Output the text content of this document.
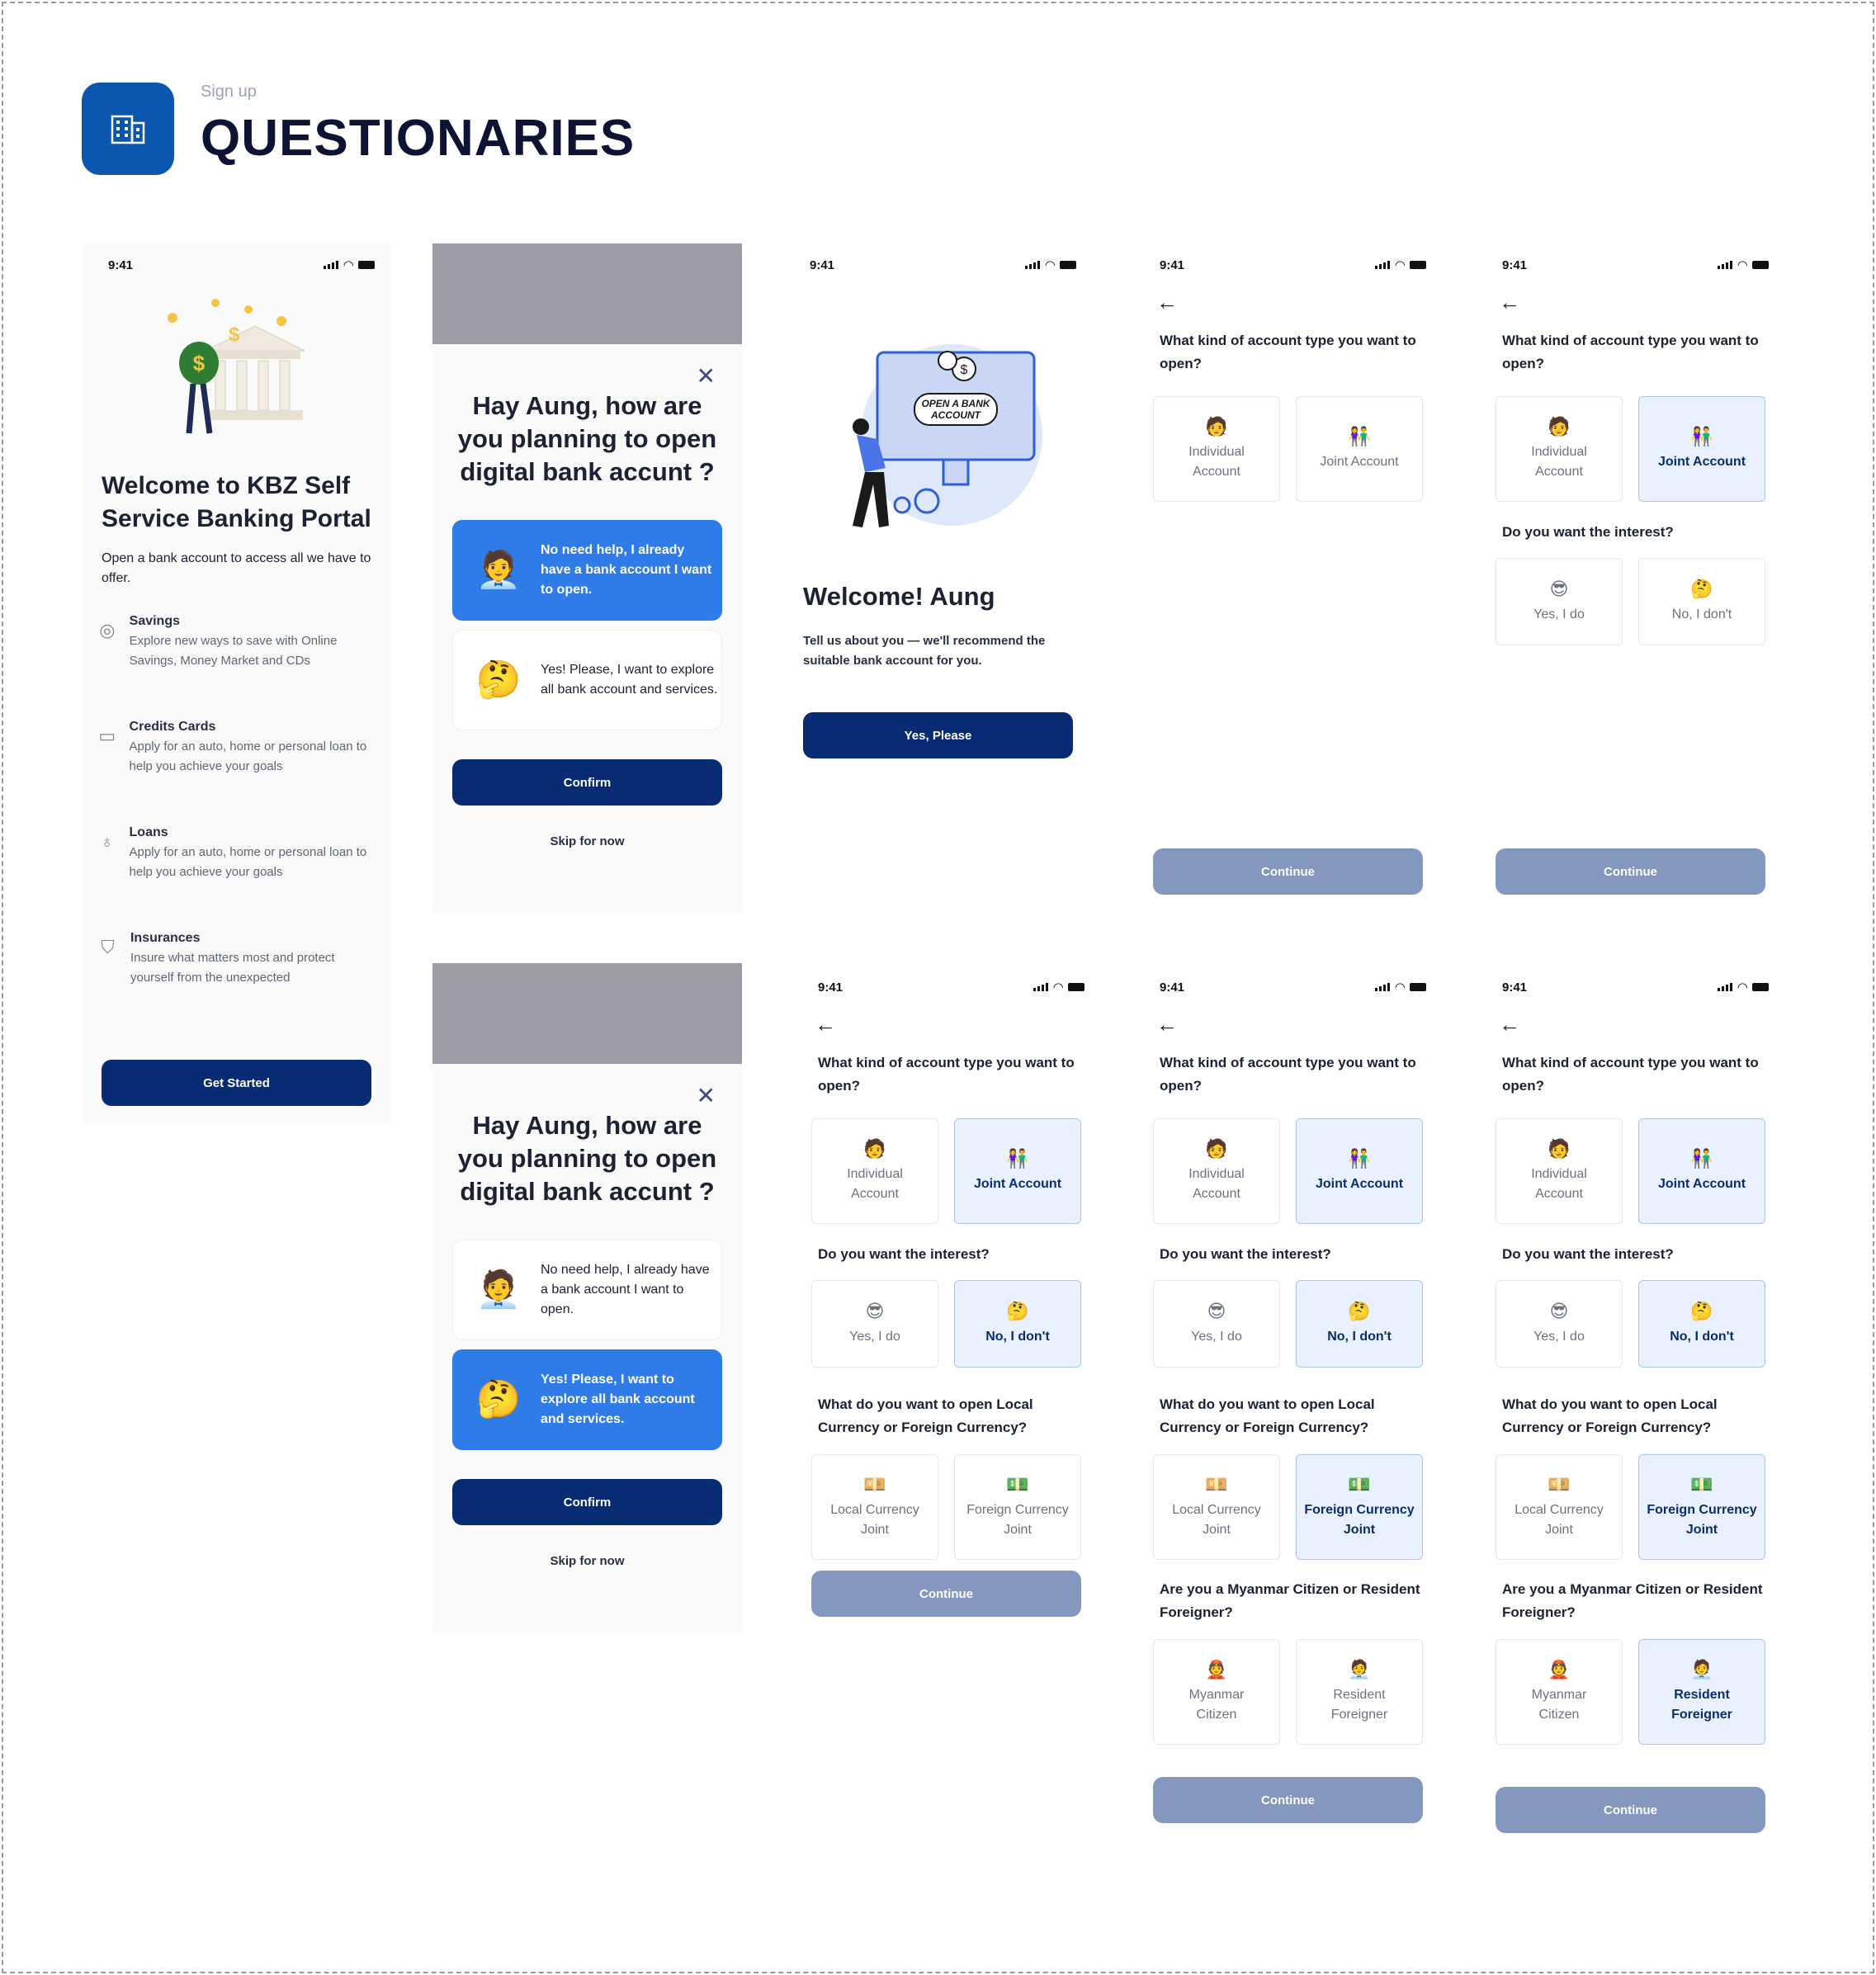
Sign up
QUESTIONARIES
9:41	◠
$
$
Welcome to KBZ Self Service Banking Portal
Open a bank account to access all we have to offer.
◎ Savings
Explore new ways to save with Online Savings, Money Market and CDs
▭ Credits Cards
Apply for an auto, home or personal loan to help you achieve your goals
♁ Loans
Apply for an auto, home or personal loan to help you achieve your goals
⛉ Insurances
Insure what matters most and protect yourself from the unexpected
Get Started
✕
Hay Aung, how are you planning to open digital bank accunt ?
🧑‍💼	No need help, I already have a bank account I want to open.
🤔	Yes! Please, I want to explore all bank account and services.
Confirm
Skip for now
✕
Hay Aung, how are you planning to open digital bank accunt ?
🧑‍💼	No need help, I already have a bank account I want to open.
🤔	Yes! Please, I want to explore all bank account and services.
Confirm
Skip for now
9:41	◠
$
OPEN A BANK
ACCOUNT
Welcome! Aung
Tell us about you — we'll recommend the suitable bank account for you.
Yes, Please
9:41	◠
←
What kind of account type you want to open?
🧑
Individual Account
👫
Joint Account
Continue
9:41	◠
←
What kind of account type you want to open?
🧑
Individual Account
👫
Joint Account
Do you want the interest?
😎
Yes, I do
🤔
No, I don't
Continue
9:41	◠
←
What kind of account type you want to open?
🧑
Individual Account
👫
Joint Account
Do you want the interest?
😎
Yes, I do
🤔
No, I don't
What do you want to open Local Currency or Foreign Currency?
💴
Local Currency Joint
💵
Foreign Currency Joint
Continue
9:41	◠
←
What kind of account type you want to open?
🧑
Individual Account
👫
Joint Account
Do you want the interest?
😎
Yes, I do
🤔
No, I don't
What do you want to open Local Currency or Foreign Currency?
💴
Local Currency Joint
💵
Foreign Currency Joint
Are you a Myanmar Citizen or Resident Foreigner?
👲
Myanmar Citizen
🧑‍💼
Resident Foreigner
Continue
9:41	◠
←
What kind of account type you want to open?
🧑
Individual Account
👫
Joint Account
Do you want the interest?
😎
Yes, I do
🤔
No, I don't
What do you want to open Local Currency or Foreign Currency?
💴
Local Currency Joint
💵
Foreign Currency Joint
Are you a Myanmar Citizen or Resident Foreigner?
👲
Myanmar Citizen
🧑‍💼
Resident Foreigner
Continue
